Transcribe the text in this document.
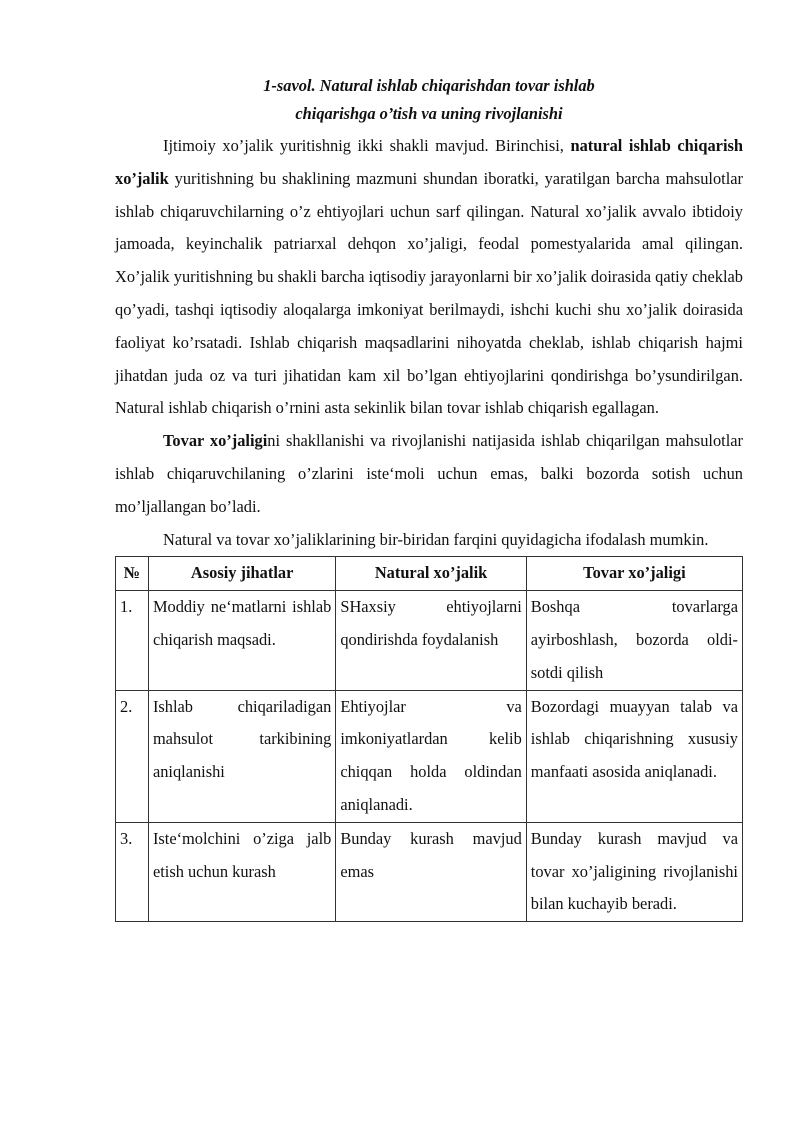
1-savol. Natural ishlab chiqarishdan tovar ishlab

chiqarishga o’tish va uning rivojlanishi

Ijtimoiy xo’jalik yuritishnig ikki shakli mavjud. Birinchisi, natural ishlab chiqarish xo’jalik yuritishning bu shaklining mazmuni shundan iboratki, yaratilgan barcha mahsulotlar ishlab chiqaruvchilarning o’z ehtiyojlari uchun sarf qilingan. Natural xo’jalik avvalo ibtidoiy jamoada, keyinchalik patriarxal dehqon xo’jaligi, feodal pomestyalarida amal qilingan. Xo’jalik yuritishning bu shakli barcha iqtisodiy jarayonlarni bir xo’jalik doirasida qatiy cheklab qo’yadi, tashqi iqtisodiy aloqalarga imkoniyat berilmaydi, ishchi kuchi shu xo’jalik doirasida faoliyat ko’rsatadi. Ishlab chiqarish maqsadlarini nihoyatda cheklab, ishlab chiqarish hajmi jihatdan juda oz va turi jihatidan kam xil bo’lgan ehtiyojlarini qondirishga bo’ysundirilgan. Natural ishlab chiqarish o’rnini asta sekinlik bilan tovar ishlab chiqarish egallagan.

Tovar xo’jaligini shakllanishi va rivojlanishi natijasida ishlab chiqarilgan mahsulotlar ishlab chiqaruvchilaning o’zlarini iste‘moli uchun emas, balki bozorda sotish uchun mo’ljallangan bo’ladi.

Natural va tovar xo’jaliklarining bir-biridan farqini quyidagicha ifodalash mumkin.

№	Asosiy jihatlar	Natural xo’jalik	Tovar xo’jaligi
1.	Moddiy ne‘matlarni ishlab chiqarish maqsadi.	SHaxsiy ehtiyojlarni qondirishda foydalanish	Boshqa tovarlarga ayirboshlash, bozorda oldi-sotdi qilish
2.	Ishlab chiqariladigan mahsulot tarkibining aniqlanishi	Ehtiyojlar va imkoniyatlardan kelib chiqqan holda oldindan aniqlanadi.	Bozordagi muayyan talab va ishlab chiqarishning xususiy manfaati asosida aniqlanadi.
3.	Iste‘molchini o’ziga jalb etish uchun kurash	Bunday kurash mavjud emas	Bunday kurash mavjud va tovar xo’jaligining rivojlanishi bilan kuchayib beradi.
